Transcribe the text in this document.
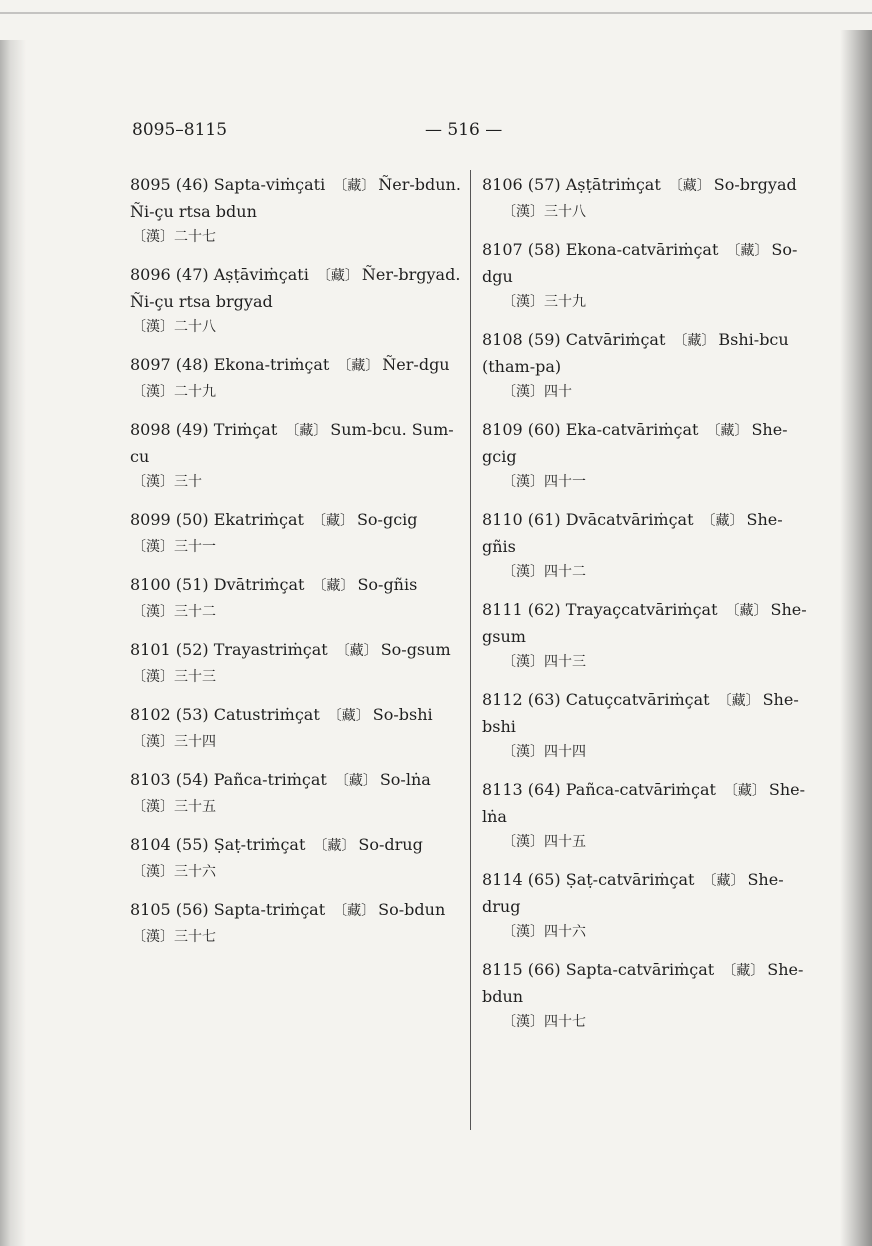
8095–8115	— 516 —

8095 (46) Sapta-viṁçati 〔藏〕 Ñer-bdun. Ñi-çu rtsa bdun

〔漢〕二十七

8096 (47) Aṣṭāviṁçati 〔藏〕 Ñer-brgyad. Ñi-çu rtsa brgyad

〔漢〕二十八

8097 (48) Ekona-triṁçat 〔藏〕 Ñer-dgu

〔漢〕二十九

8098 (49) Triṁçat 〔藏〕 Sum-bcu. Sum-cu

〔漢〕三十

8099 (50) Ekatriṁçat 〔藏〕 So-gcig

〔漢〕三十一

8100 (51) Dvātriṁçat 〔藏〕 So-gñis

〔漢〕三十二

8101 (52) Trayastriṁçat 〔藏〕 So-gsum

〔漢〕三十三

8102 (53) Catustriṁçat 〔藏〕 So-bshi

〔漢〕三十四

8103 (54) Pañca-triṁçat 〔藏〕 So-lṅa

〔漢〕三十五

8104 (55) Ṣaṭ-triṁçat 〔藏〕 So-drug

〔漢〕三十六

8105 (56) Sapta-triṁçat 〔藏〕 So-bdun

〔漢〕三十七

8106 (57) Aṣṭātriṁçat 〔藏〕 So-brgyad

〔漢〕三十八

8107 (58) Ekona-catvāriṁçat 〔藏〕 So-dgu

〔漢〕三十九

8108 (59) Catvāriṁçat 〔藏〕 Bshi-bcu (tham-pa)

〔漢〕四十

8109 (60) Eka-catvāriṁçat 〔藏〕 She-gcig

〔漢〕四十一

8110 (61) Dvācatvāriṁçat 〔藏〕 She-gñis

〔漢〕四十二

8111 (62) Trayaçcatvāriṁçat 〔藏〕 She-gsum

〔漢〕四十三

8112 (63) Catuçcatvāriṁçat 〔藏〕 She-bshi

〔漢〕四十四

8113 (64) Pañca-catvāriṁçat 〔藏〕 She-lṅa

〔漢〕四十五

8114 (65) Ṣaṭ-catvāriṁçat 〔藏〕 She-drug

〔漢〕四十六

8115 (66) Sapta-catvāriṁçat 〔藏〕 She-bdun

〔漢〕四十七
